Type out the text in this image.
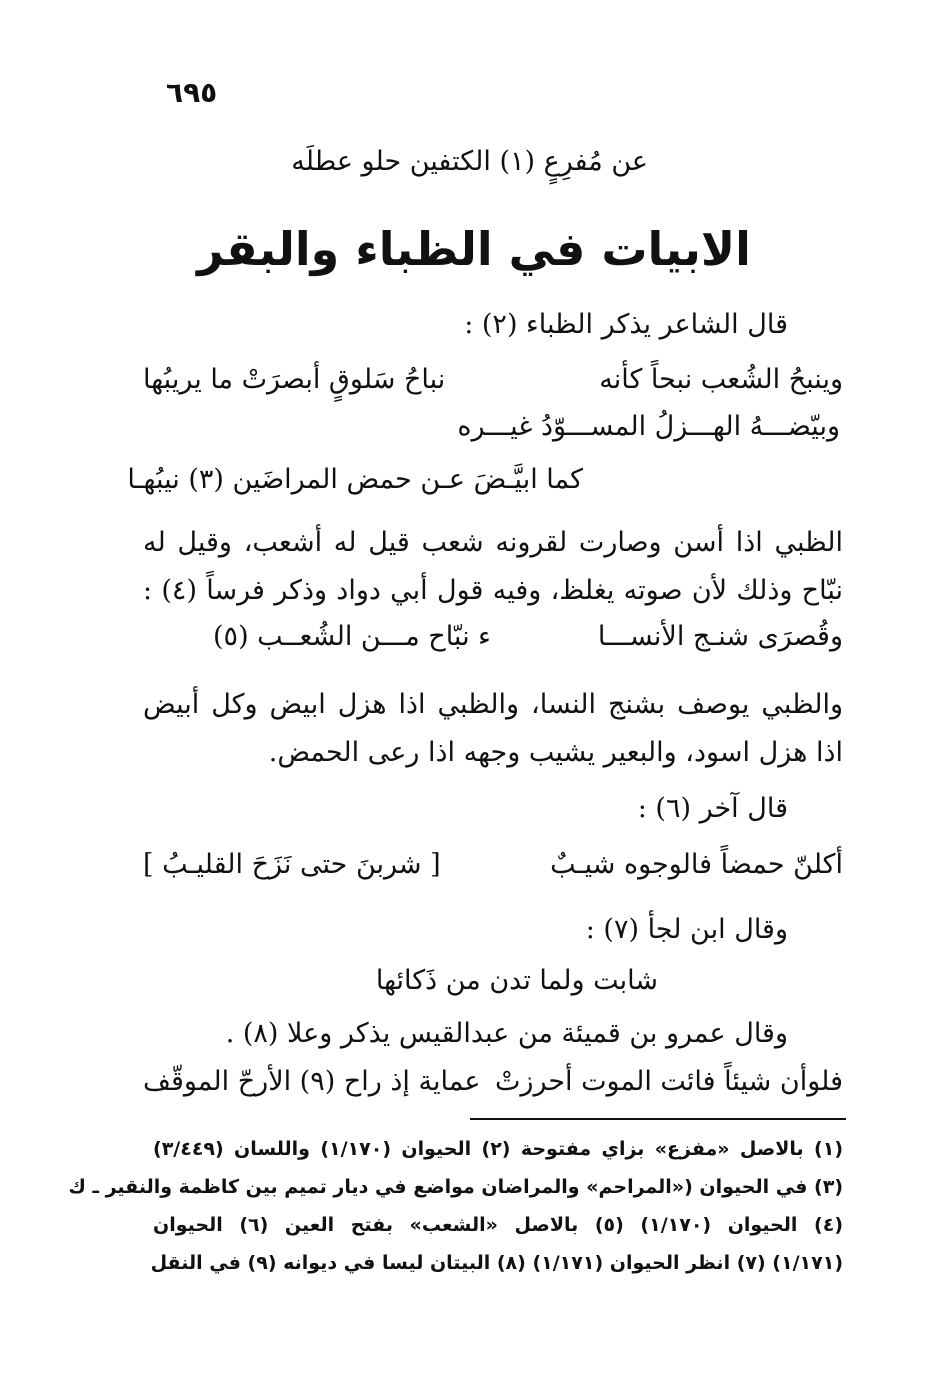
٦٩٥
عن مُفرِعٍ (١) الكتفين حلو عطلَه
الابيات في الظباء والبقر
قال الشاعر يذكر الظباء (٢) :
وينبحُ الشُعب نبحاً كأنه
نباحُ سَلوقٍ أبصرَتْ ما يريبُها
وبيّضـــهُ الهـــزلُ المســـوّدُ غيـــره
كما ابيَّـضَ عـن حمض المراضَين (٣) نيبُهـا
الظبي اذا أسن وصارت لقرونه شعب قيل له أشعب، وقيل له
نبّاح وذلك لأن صوته يغلظ، وفيه قول أبي دواد وذكر فرساً (٤) :
وقُصرَى شنـج الأنســـا
ء نبّاح مـــن الشُعــب (٥)
والظبي يوصف بشنج النسا، والظبي اذا هزل ابيض وكل أبيض
اذا هزل اسود، والبعير يشيب وجهه اذا رعى الحمض.
قال آخر (٦) :
أكلنّ حمضاً فالوجوه شيـبٌ
[ شربنَ حتى نَزَحَ القليـبُ ]
وقال ابن لجأ (٧) :
شابت ولما تدن من ذَكائها
وقال عمرو بن قميئة من عبدالقيس يذكر وعلا (٨) .
فلوأن شيئاً فائت الموت أحرزتْ
عماية إذ راح (٩) الأرحّ الموقّف
(١) بالاصل «مفزع» بزاي مفتوحة (٢) الحيوان (١/١٧٠) واللسان (٣/٤٤٩)
(٣) في الحيوان («المراحم» والمراضان مواضع في ديار تميم بين كاظمة والنقير ـ ك
(٤) الحيوان (١/١٧٠) (٥) بالاصل «الشعب» بفتح العين (٦) الحيوان
(١/١٧١) (٧) انظر الحيوان (١/١٧١) (٨) البيتان ليسا في ديوانه (٩) في النقل
